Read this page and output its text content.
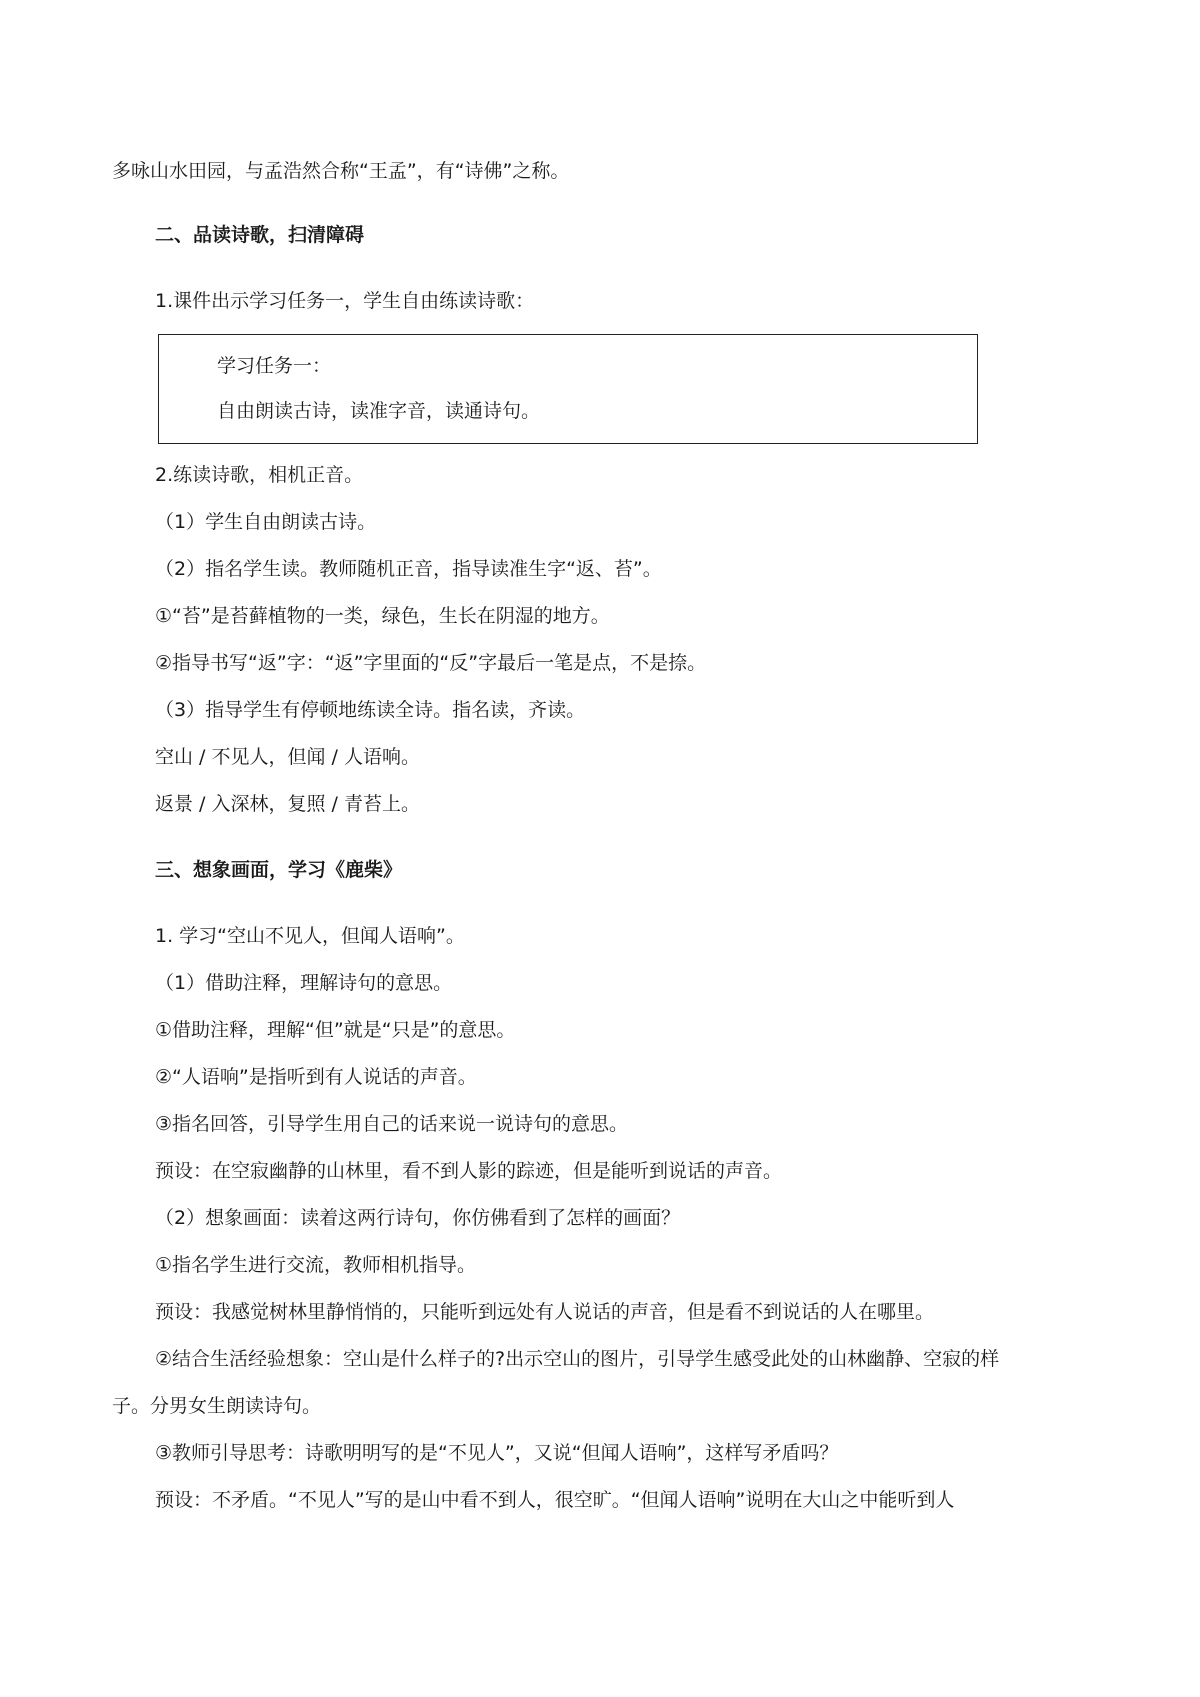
多咏山水田园，与孟浩然合称“王孟”，有“诗佛”之称。
二、品读诗歌，扫清障碍
1.课件出示学习任务一，学生自由练读诗歌：
学习任务一：
自由朗读古诗，读准字音，读通诗句。
2.练读诗歌，相机正音。
（1）学生自由朗读古诗。
（2）指名学生读。教师随机正音，指导读准生字“返、苔”。
①“苔”是苔藓植物的一类，绿色，生长在阴湿的地方。
②指导书写“返”字：“返”字里面的“反”字最后一笔是点，不是捺。
（3）指导学生有停顿地练读全诗。指名读，齐读。
空山 / 不见人，但闻 / 人语响。
返景 / 入深林，复照 / 青苔上。
三、想象画面，学习《鹿柴》
1. 学习“空山不见人，但闻人语响”。
（1）借助注释，理解诗句的意思。
①借助注释，理解“但”就是“只是”的意思。
②“人语响”是指听到有人说话的声音。
③指名回答，引导学生用自己的话来说一说诗句的意思。
预设：在空寂幽静的山林里，看不到人影的踪迹，但是能听到说话的声音。
（2）想象画面：读着这两行诗句，你仿佛看到了怎样的画面？
①指名学生进行交流，教师相机指导。
预设：我感觉树林里静悄悄的，只能听到远处有人说话的声音，但是看不到说话的人在哪里。
②结合生活经验想象：空山是什么样子的?出示空山的图片，引导学生感受此处的山林幽静、空寂的样
子。分男女生朗读诗句。
③教师引导思考：诗歌明明写的是“不见人”，又说“但闻人语响”，这样写矛盾吗？
预设：不矛盾。“不见人”写的是山中看不到人，很空旷。“但闻人语响”说明在大山之中能听到人
